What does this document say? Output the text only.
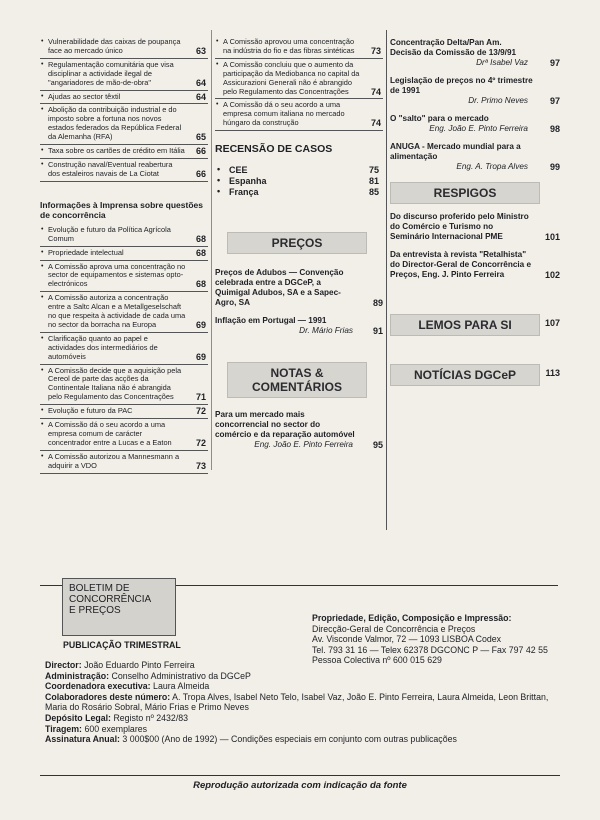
• Vulnerabilidade das caixas de poupança face ao mercado único	63
• Regulamentação comunitária que visa disciplinar a actividade ilegal de "angariadores de mão-de-obra"	64
• Ajudas ao sector têxtil	64
• Abolição da contribuição industrial e do imposto sobre a fortuna nos novos estados federados da República Federal da Alemanha (RFA)	65
• Taxa sobre os cartões de crédito em Itália 66
• Construção naval/Eventual reabertura dos estaleiros navais de La Ciotat	66
Informações à Imprensa sobre questões de concorrência
• Evolução e futuro da Política Agrícola Comum	68
• Propriedade intelectual	68
• A Comissão aprova uma concentração no sector de equipamentos e sistemas opto-electrónicos	68
• A Comissão autoriza a concentração entre a Saltc Alcan e a Metallgeselschaft no que respeita à actividade de cada uma no sector da borracha na Europa	69
• Clarificação quanto ao papel e actividades dos intermediários de automóveis	69
• A Comissão decide que a aquisição pela Cereol de parte das acções da Continentale Italiana não é abrangida pelo Regulamento das Concentrações 71
• Evolução e futuro da PAC	72
• A Comissão dá o seu acordo a uma empresa comum de carácter concentrador entre a Lucas e a Eaton	72
• A Comissão autorizou a Mannesmann a adquirir a VDO	73
• A Comissão aprovou uma concentração na indústria do fio e das fibras sintéticas 73
• A Comissão concluiu que o aumento da participação da Mediobanca no capital da Assicurazioni Generali não é abrangido pelo Regulamento das Concentrações 74
• A Comissão dá o seu acordo a uma empresa comum italiana no mercado húngaro da construção	74
RECENSÃO DE CASOS
• CEE	75
• Espanha	81
• França	85
PREÇOS
Preços de Adubos — Convenção celebrada entre a DGCeP, a Quimigal Adubos, SA e a Sapec-Agro, SA	89
Inflação em Portugal — 1991
Dr. Mário Frias	91
NOTAS & COMENTÁRIOS
Para um mercado mais concorrencial no sector do comércio e da reparação automóvel
Eng. João E. Pinto Ferreira	95
Concentração Delta/Pan Am. Decisão da Comissão de 13/9/91
Drª Isabel Vaz	97
Legislação de preços no 4º trimestre de 1991
Dr. Primo Neves	97
O "salto" para o mercado
Eng. João E. Pinto Ferreira	98
ANUGA - Mercado mundial para a alimentação
Eng. A. Tropa Alves	99
RESPIGOS
Do discurso proferido pelo Ministro do Comércio e Turismo no Seminário Internacional PME	101
Da entrevista à revista "Retalhista" do Director-Geral de Concorrência e Preços, Eng. J. Pinto Ferreira	102
LEMOS PARA SI	107
NOTÍCIAS DGCeP	113
BOLETIM DE
CONCORRÊNCIA
E PREÇOS
PUBLICAÇÃO TRIMESTRAL
Propriedade, Edição, Composição e Impressão:
Direcção-Geral de Concorrência e Preços
Av. Visconde Valmor, 72 — 1093 LISBOA Codex
Tel. 793 31 16 — Telex 62378 DGCONC P — Fax 797 42 55
Pessoa Colectiva nº 600 015 629
Director: João Eduardo Pinto Ferreira
Administração: Conselho Administrativo da DGCeP
Coordenadora executiva: Laura Almeida
Colaboradores deste número: A. Tropa Alves, Isabel Neto Telo, Isabel Vaz, João E. Pinto Ferreira, Laura Almeida, Leon Brittan, Maria do Rosário Sobral, Mário Frias e Primo Neves
Depósito Legal: Registo nº 2432/83
Tiragem: 600 exemplares
Assinatura Anual: 3 000$00 (Ano de 1992) — Condições especiais em conjunto com outras publicações
Reprodução autorizada com indicação da fonte
